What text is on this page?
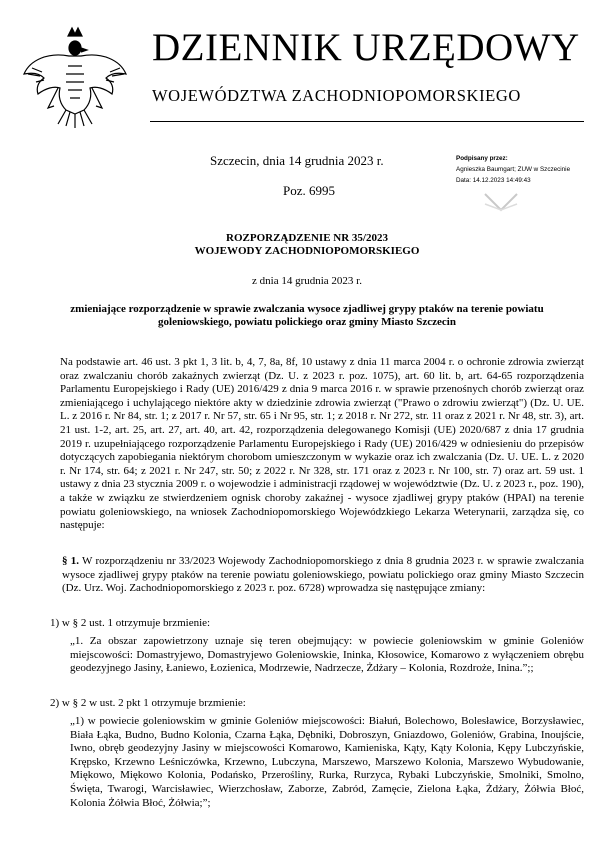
DZIENNIK URZĘDOWY
WOJEWÓDZTWA ZACHODNIOPOMORSKIEGO
Szczecin, dnia 14 grudnia 2023 r.
Poz. 6995
Podpisany przez:
Agnieszka Baumgart; ZUW w Szczecinie
Data: 14.12.2023 14:49:43
ROZPORZĄDZENIE NR 35/2023
WOJEWODY ZACHODNIOPOMORSKIEGO
z dnia 14 grudnia 2023 r.
zmieniające rozporządzenie w sprawie zwalczania wysoce zjadliwej grypy ptaków na terenie powiatu goleniowskiego, powiatu polickiego oraz gminy Miasto Szczecin
Na podstawie art. 46 ust. 3 pkt 1, 3 lit. b, 4, 7, 8a, 8f, 10 ustawy z dnia 11 marca 2004 r. o ochronie zdrowia zwierząt oraz zwalczaniu chorób zakaźnych zwierząt (Dz. U. z 2023 r. poz. 1075), art. 60 lit. b, art. 64-65 rozporządzenia Parlamentu Europejskiego i Rady (UE) 2016/429 z dnia 9 marca 2016 r. w sprawie przenośnych chorób zwierząt oraz zmieniającego i uchylającego niektóre akty w dziedzinie zdrowia zwierząt ("Prawo o zdrowiu zwierząt") (Dz. U. UE. L. z 2016 r. Nr 84, str. 1; z 2017 r. Nr 57, str. 65 i Nr 95, str. 1; z 2018 r. Nr 272, str. 11 oraz z 2021 r. Nr 48, str. 3), art. 21 ust. 1-2, art. 25, art. 27, art. 40, art. 42, rozporządzenia delegowanego Komisji (UE) 2020/687 z dnia 17 grudnia 2019 r. uzupełniającego rozporządzenie Parlamentu Europejskiego i Rady (UE) 2016/429 w odniesieniu do przepisów dotyczących zapobiegania niektórym chorobom umieszczonym w wykazie oraz ich zwalczania (Dz. U. UE. L. z 2020 r. Nr 174, str. 64; z 2021 r. Nr 247, str. 50; z 2022 r. Nr 328, str. 171 oraz z 2023 r. Nr 100, str. 7) oraz art. 59 ust. 1 ustawy z dnia 23 stycznia 2009 r. o wojewodzie i administracji rządowej w województwie (Dz. U. z 2023 r., poz. 190), a także w związku ze stwierdzeniem ognisk choroby zakaźnej - wysoce zjadliwej grypy ptaków (HPAI) na terenie powiatu goleniowskiego, na wniosek Zachodniopomorskiego Wojewódzkiego Lekarza Weterynarii, zarządza się, co następuje:
§ 1. W rozporządzeniu nr 33/2023 Wojewody Zachodniopomorskiego z dnia 8 grudnia 2023 r. w sprawie zwalczania wysoce zjadliwej grypy ptaków na terenie powiatu goleniowskiego, powiatu polickiego oraz gminy Miasto Szczecin (Dz. Urz. Woj. Zachodniopomorskiego z 2023 r. poz. 6728) wprowadza się następujące zmiany:
1) w § 2 ust. 1 otrzymuje brzmienie:
„1. Za obszar zapowietrzony uznaje się teren obejmujący: w powiecie goleniowskim w gminie Goleniów miejscowości: Domastryjewo, Domastryjewo Goleniowskie, Ininka, Kłosowice, Komarowo z wyłączeniem obrębu geodezyjnego Jasiny, Łaniewo, Łozienica, Modrzewie, Nadrzecze, Żdżary – Kolonia, Rozdroże, Inina.”;;
2) w § 2 w ust. 2 pkt 1 otrzymuje brzmienie:
„1) w powiecie goleniowskim w gminie Goleniów miejscowości: Białuń, Bolechowo, Bolesławice, Borzysławiec, Biała Łąka, Budno, Budno Kolonia, Czarna Łąka, Dębniki, Dobroszyn, Gniazdowo, Goleniów, Grabina, Inoujście, Iwno, obręb geodezyjny Jasiny w miejscowości Komarowo, Kamieniska, Kąty, Kąty Kolonia, Kępy Lubczyńskie, Krępsko, Krzewno Leśniczówka, Krzewno, Lubczyna, Marszewo, Marszewo Kolonia, Marszewo Wybudowanie, Miękowo, Miękowo Kolonia, Podańsko, Przerośliny, Rurka, Rurzyca, Rybaki Lubczyńskie, Smolniki, Smolno, Święta, Twarogi, Warcisławiec, Wierzchosław, Zaborze, Zabród, Zamęcie, Zielona Łąka, Żdżary, Żółwia Błoć, Kolonia Żółwia Błoć, Żółwia;”;
